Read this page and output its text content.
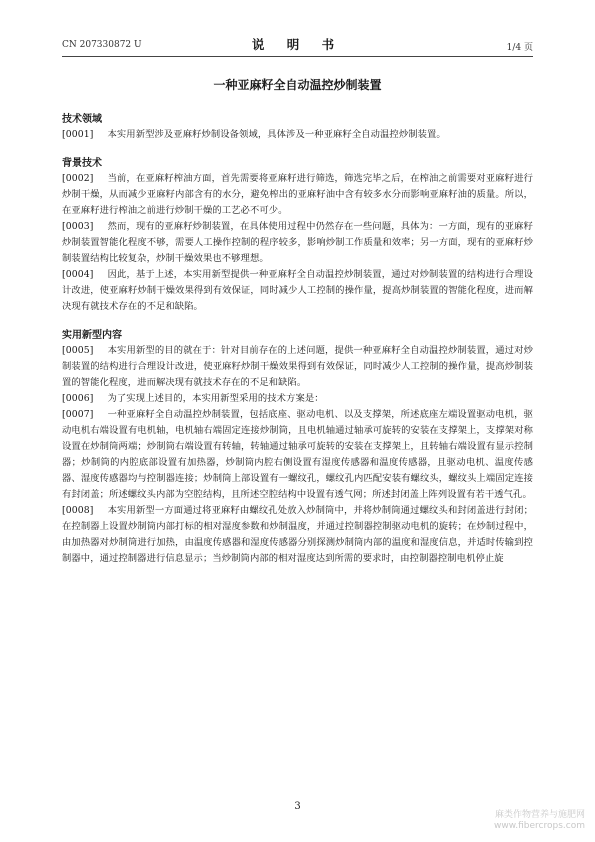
CN 207330872 U	说 明 书	1/4 页
一种亚麻籽全自动温控炒制装置
技术领域
[0001] 本实用新型涉及亚麻籽炒制设备领域，具体涉及一种亚麻籽全自动温控炒制装置。
背景技术
[0002] 当前，在亚麻籽榨油方面，首先需要将亚麻籽进行筛选，筛选完毕之后，在榨油之前需要对亚麻籽进行炒制干燥，从而减少亚麻籽内部含有的水分，避免榨出的亚麻籽油中含有较多水分而影响亚麻籽油的质量。所以，在亚麻籽进行榨油之前进行炒制干燥的工艺必不可少。
[0003] 然而，现有的亚麻籽炒制装置，在具体使用过程中仍然存在一些问题，具体为：一方面，现有的亚麻籽炒制装置智能化程度不够，需要人工操作控制的程序较多，影响炒制工作质量和效率；另一方面，现有的亚麻籽炒制装置结构比较复杂，炒制干燥效果也不够理想。
[0004] 因此，基于上述，本实用新型提供一种亚麻籽全自动温控炒制装置，通过对炒制装置的结构进行合理设计改进，使亚麻籽炒制干燥效果得到有效保证，同时减少人工控制的操作量，提高炒制装置的智能化程度，进而解决现有就技术存在的不足和缺陷。
实用新型内容
[0005] 本实用新型的目的就在于：针对目前存在的上述问题，提供一种亚麻籽全自动温控炒制装置，通过对炒制装置的结构进行合理设计改进，使亚麻籽炒制干燥效果得到有效保证，同时减少人工控制的操作量，提高炒制装置的智能化程度，进而解决现有就技术存在的不足和缺陷。
[0006] 为了实现上述目的，本实用新型采用的技术方案是：
[0007] 一种亚麻籽全自动温控炒制装置，包括底座、驱动电机、以及支撑架，所述底座左端设置驱动电机，驱动电机右端设置有电机轴，电机轴右端固定连接炒制筒，且电机轴通过轴承可旋转的安装在支撑架上，支撑架对称设置在炒制筒两端；炒制筒右端设置有转轴，转轴通过轴承可旋转的安装在支撑架上，且转轴右端设置有显示控制器；炒制筒的内腔底部设置有加热器，炒制筒内腔右侧设置有湿度传感器和温度传感器，且驱动电机、温度传感器、湿度传感器均与控制器连接；炒制筒上部设置有一螺纹孔，螺纹孔内匹配安装有螺纹头，螺纹头上端固定连接有封闭盖；所述螺纹头内部为空腔结构，且所述空腔结构中设置有透气网；所述封闭盖上阵列设置有若干透气孔。
[0008] 本实用新型一方面通过将亚麻籽由螺纹孔处放入炒制筒中，并将炒制筒通过螺纹头和封闭盖进行封闭；在控制器上设置炒制筒内部打标的相对湿度参数和炒制温度，并通过控制器控制驱动电机的旋转；在炒制过程中，由加热器对炒制筒进行加热，由温度传感器和湿度传感器分别探测炒制筒内部的温度和湿度信息，并适时传输到控制器中，通过控制器进行信息显示；当炒制筒内部的相对湿度达到所需的要求时，由控制器控制电机停止旋
3
麻类作物营养与施肥网
www.fibercrops.com
